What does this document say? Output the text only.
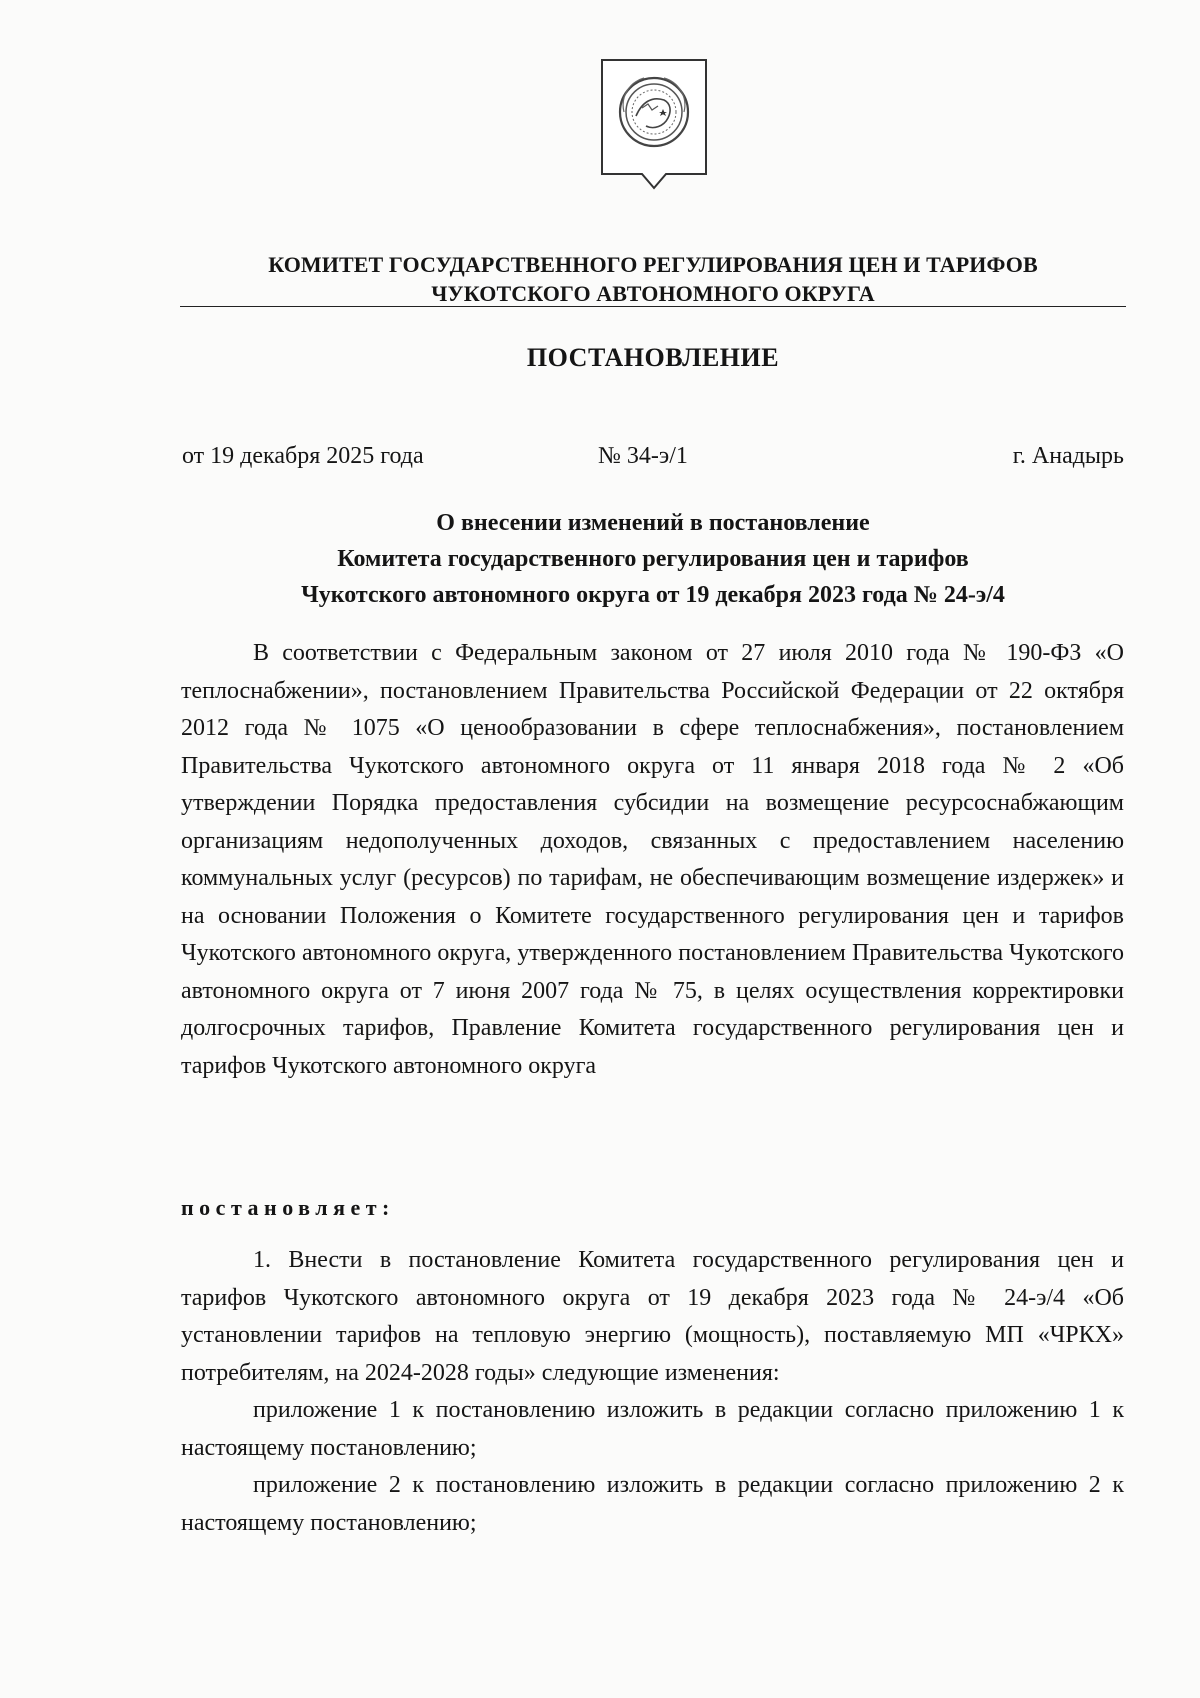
КОМИТЕТ ГОСУДАРСТВЕННОГО РЕГУЛИРОВАНИЯ ЦЕН И ТАРИФОВ
ЧУКОТСКОГО АВТОНОМНОГО ОКРУГА
ПОСТАНОВЛЕНИЕ
от 19 декабря 2025 года	№ 34-э/1	г. Анадырь
О внесении изменений в постановление
Комитета государственного регулирования цен и тарифов
Чукотского автономного округа от 19 декабря 2023 года № 24-э/4

В соответствии с Федеральным законом от 27 июля 2010 года № 190-ФЗ «О теплоснабжении», постановлением Правительства Российской Федерации от 22 октября 2012 года № 1075 «О ценообразовании в сфере теплоснабжения», постановлением Правительства Чукотского автономного округа от 11 января 2018 года № 2 «Об утверждении Порядка предоставления субсидии на возмещение ресурсоснабжающим организациям недополученных доходов, связанных с предоставлением населению коммунальных услуг (ресурсов) по тарифам, не обеспечивающим возмещение издержек» и на основании Положения о Комитете государственного регулирования цен и тарифов Чукотского автономного округа, утвержденного постановлением Правительства Чукотского автономного округа от 7 июня 2007 года № 75, в целях осуществления корректировки долгосрочных тарифов, Правление Комитета государственного регулирования цен и тарифов Чукотского автономного округа

постановляет:

1. Внести в постановление Комитета государственного регулирования цен и тарифов Чукотского автономного округа от 19 декабря 2023 года № 24-э/4 «Об установлении тарифов на тепловую энергию (мощность), поставляемую МП «ЧРКХ» потребителям, на 2024-2028 годы» следующие изменения:

приложение 1 к постановлению изложить в редакции согласно приложению 1 к настоящему постановлению;

приложение 2 к постановлению изложить в редакции согласно приложению 2 к настоящему постановлению;
